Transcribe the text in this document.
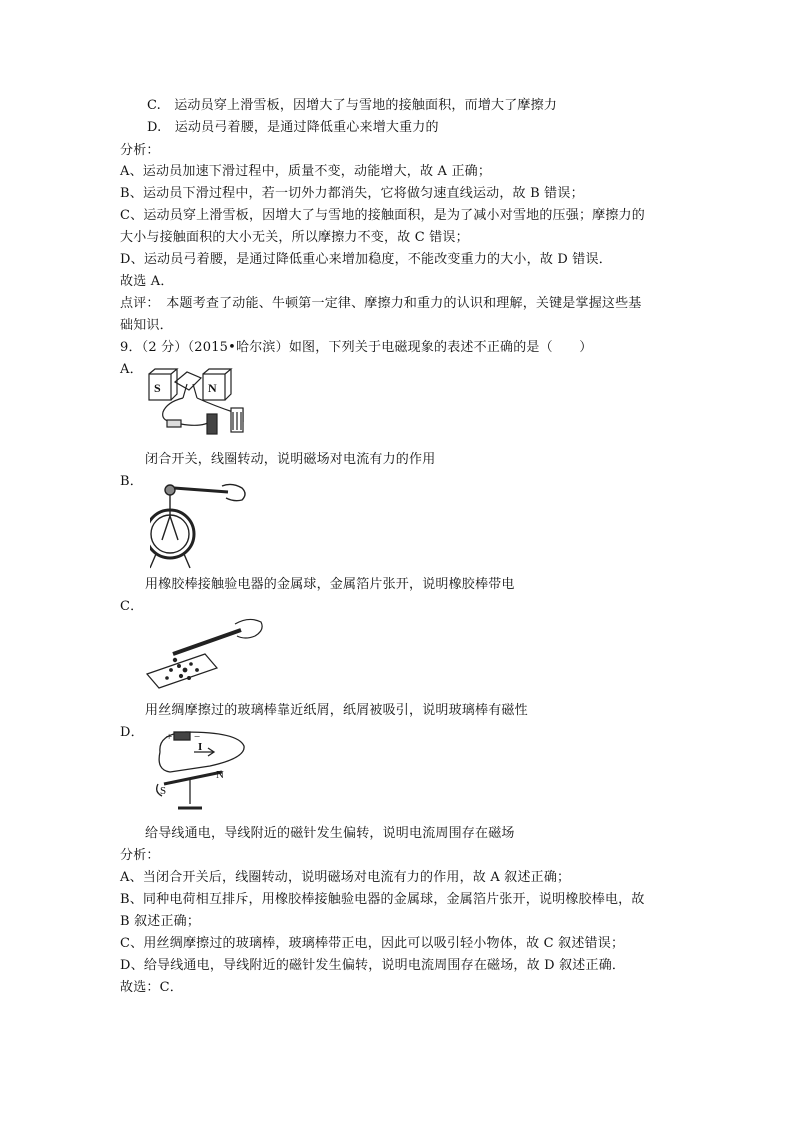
C.　运动员穿上滑雪板，因增大了与雪地的接触面积，而增大了摩擦力
D.　运动员弓着腰，是通过降低重心来增大重力的
分析：
A、运动员加速下滑过程中，质量不变，动能增大，故 A 正确；
B、运动员下滑过程中，若一切外力都消失，它将做匀速直线运动，故 B 错误；
C、运动员穿上滑雪板，因增大了与雪地的接触面积，是为了减小对雪地的压强；摩擦力的
大小与接触面积的大小无关，所以摩擦力不变，故 C 错误；
D、运动员弓着腰，是通过降低重心来增加稳度，不能改变重力的大小，故 D 错误．
故选 A．
点评：　本题考查了动能、牛顿第一定律、摩擦力和重力的认识和理解，关键是掌握这些基
础知识．
9．（2 分）（2015•哈尔滨）如图，下列关于电磁现象的表述不正确的是（　　）
A．
S	N
闭合开关，线圈转动，说明磁场对电流有力的作用
B．
用橡胶棒接触验电器的金属球，金属箔片张开，说明橡胶棒带电
C．
用丝绸摩擦过的玻璃棒靠近纸屑，纸屑被吸引，说明玻璃棒有磁性
D． + −
I
S
N
给导线通电，导线附近的磁针发生偏转，说明电流周围存在磁场
分析：
A、当闭合开关后，线圈转动，说明磁场对电流有力的作用，故 A 叙述正确；
B、同种电荷相互排斥，用橡胶棒接触验电器的金属球，金属箔片张开，说明橡胶棒电，故
B 叙述正确；
C、用丝绸摩擦过的玻璃棒，玻璃棒带正电，因此可以吸引轻小物体，故 C 叙述错误；
D、给导线通电，导线附近的磁针发生偏转，说明电流周围存在磁场，故 D 叙述正确．
故选：C．
